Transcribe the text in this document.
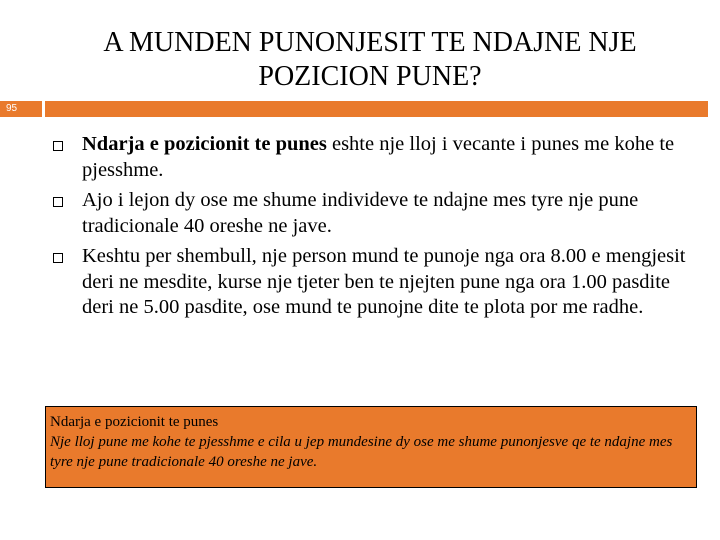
A MUNDEN PUNONJESIT TE NDAJNE NJE
POZICION PUNE?
95
Ndarja e pozicionit te punes eshte nje lloj i vecante i punes me kohe te pjesshme.
Ajo i lejon dy ose me shume individeve te ndajne mes tyre nje pune tradicionale 40 oreshe ne jave.
Keshtu per shembull, nje person mund te punoje nga ora 8.00 e mengjesit deri ne mesdite, kurse nje tjeter ben te njejten pune nga ora 1.00 pasdite deri ne 5.00 pasdite, ose mund te punojne dite te plota por me radhe.
Ndarja e pozicionit te punes
Nje lloj pune me kohe te pjesshme e cila u jep mundesine dy ose me shume punonjesve qe te ndajne mes tyre nje pune tradicionale 40 oreshe ne jave.
